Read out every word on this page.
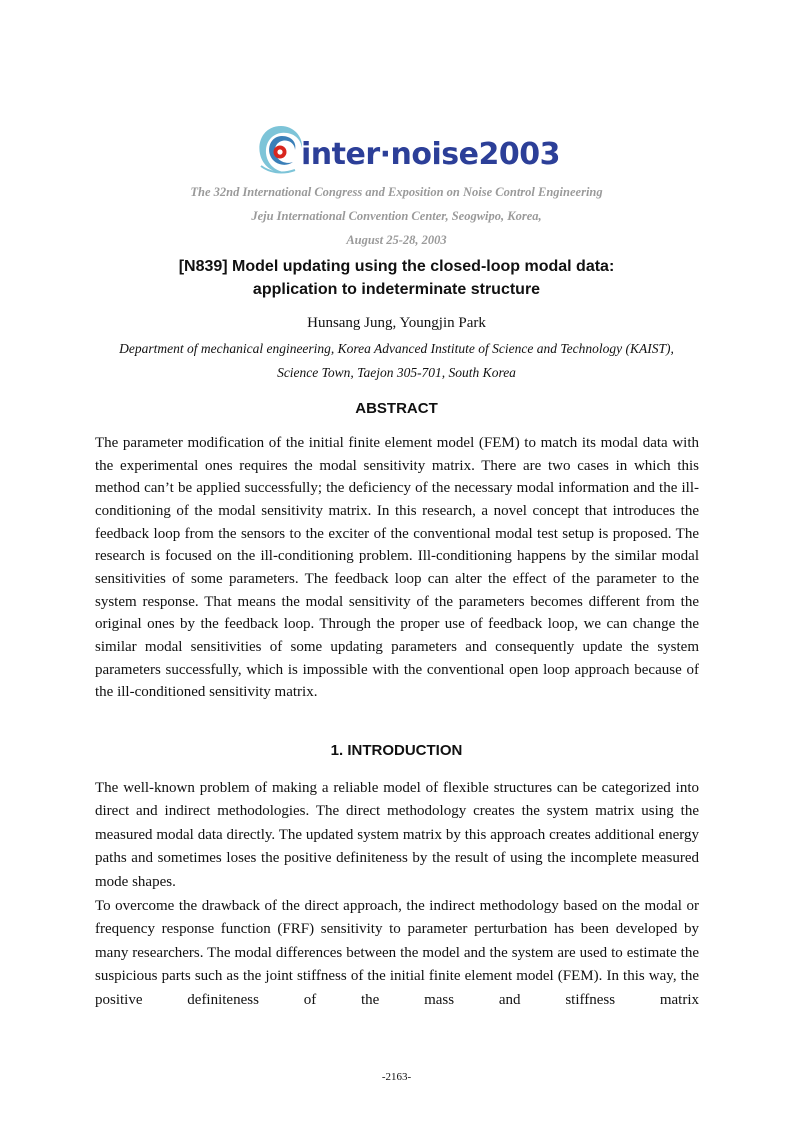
inter·noise2003
The 32nd International Congress and Exposition on Noise Control Engineering
Jeju International Convention Center, Seogwipo, Korea,
August 25-28, 2003
[N839] Model updating using the closed-loop modal data:
application to indeterminate structure
Hunsang Jung, Youngjin Park
Department of mechanical engineering, Korea Advanced Institute of Science and Technology (KAIST),
Science Town, Taejon 305-701, South Korea
ABSTRACT

The parameter modification of the initial finite element model (FEM) to match its modal data with the experimental ones requires the modal sensitivity matrix. There are two cases in which this method can’t be applied successfully; the deficiency of the necessary modal information and the ill-conditioning of the modal sensitivity matrix. In this research, a novel concept that introduces the feedback loop from the sensors to the exciter of the conventional modal test setup is proposed. The research is focused on the ill-conditioning problem. Ill-conditioning happens by the similar modal sensitivities of some parameters. The feedback loop can alter the effect of the parameter to the system response. That means the modal sensitivity of the parameters becomes different from the original ones by the feedback loop. Through the proper use of feedback loop, we can change the similar modal sensitivities of some updating parameters and consequently update the system parameters successfully, which is impossible with the conventional open loop approach because of the ill-conditioned sensitivity matrix.

1. INTRODUCTION

The well-known problem of making a reliable model of flexible structures can be categorized into direct and indirect methodologies. The direct methodology creates the system matrix using the measured modal data directly. The updated system matrix by this approach creates additional energy paths and sometimes loses the positive definiteness by the result of using the incomplete measured mode shapes.

To overcome the drawback of the direct approach, the indirect methodology based on the modal or frequency response function (FRF) sensitivity to parameter perturbation has been developed by many researchers. The modal differences between the model and the system are used to estimate the suspicious parts such as the joint stiffness of the initial finite element model (FEM). In this way, the positive definiteness of the mass and stiffness matrix

-2163-
